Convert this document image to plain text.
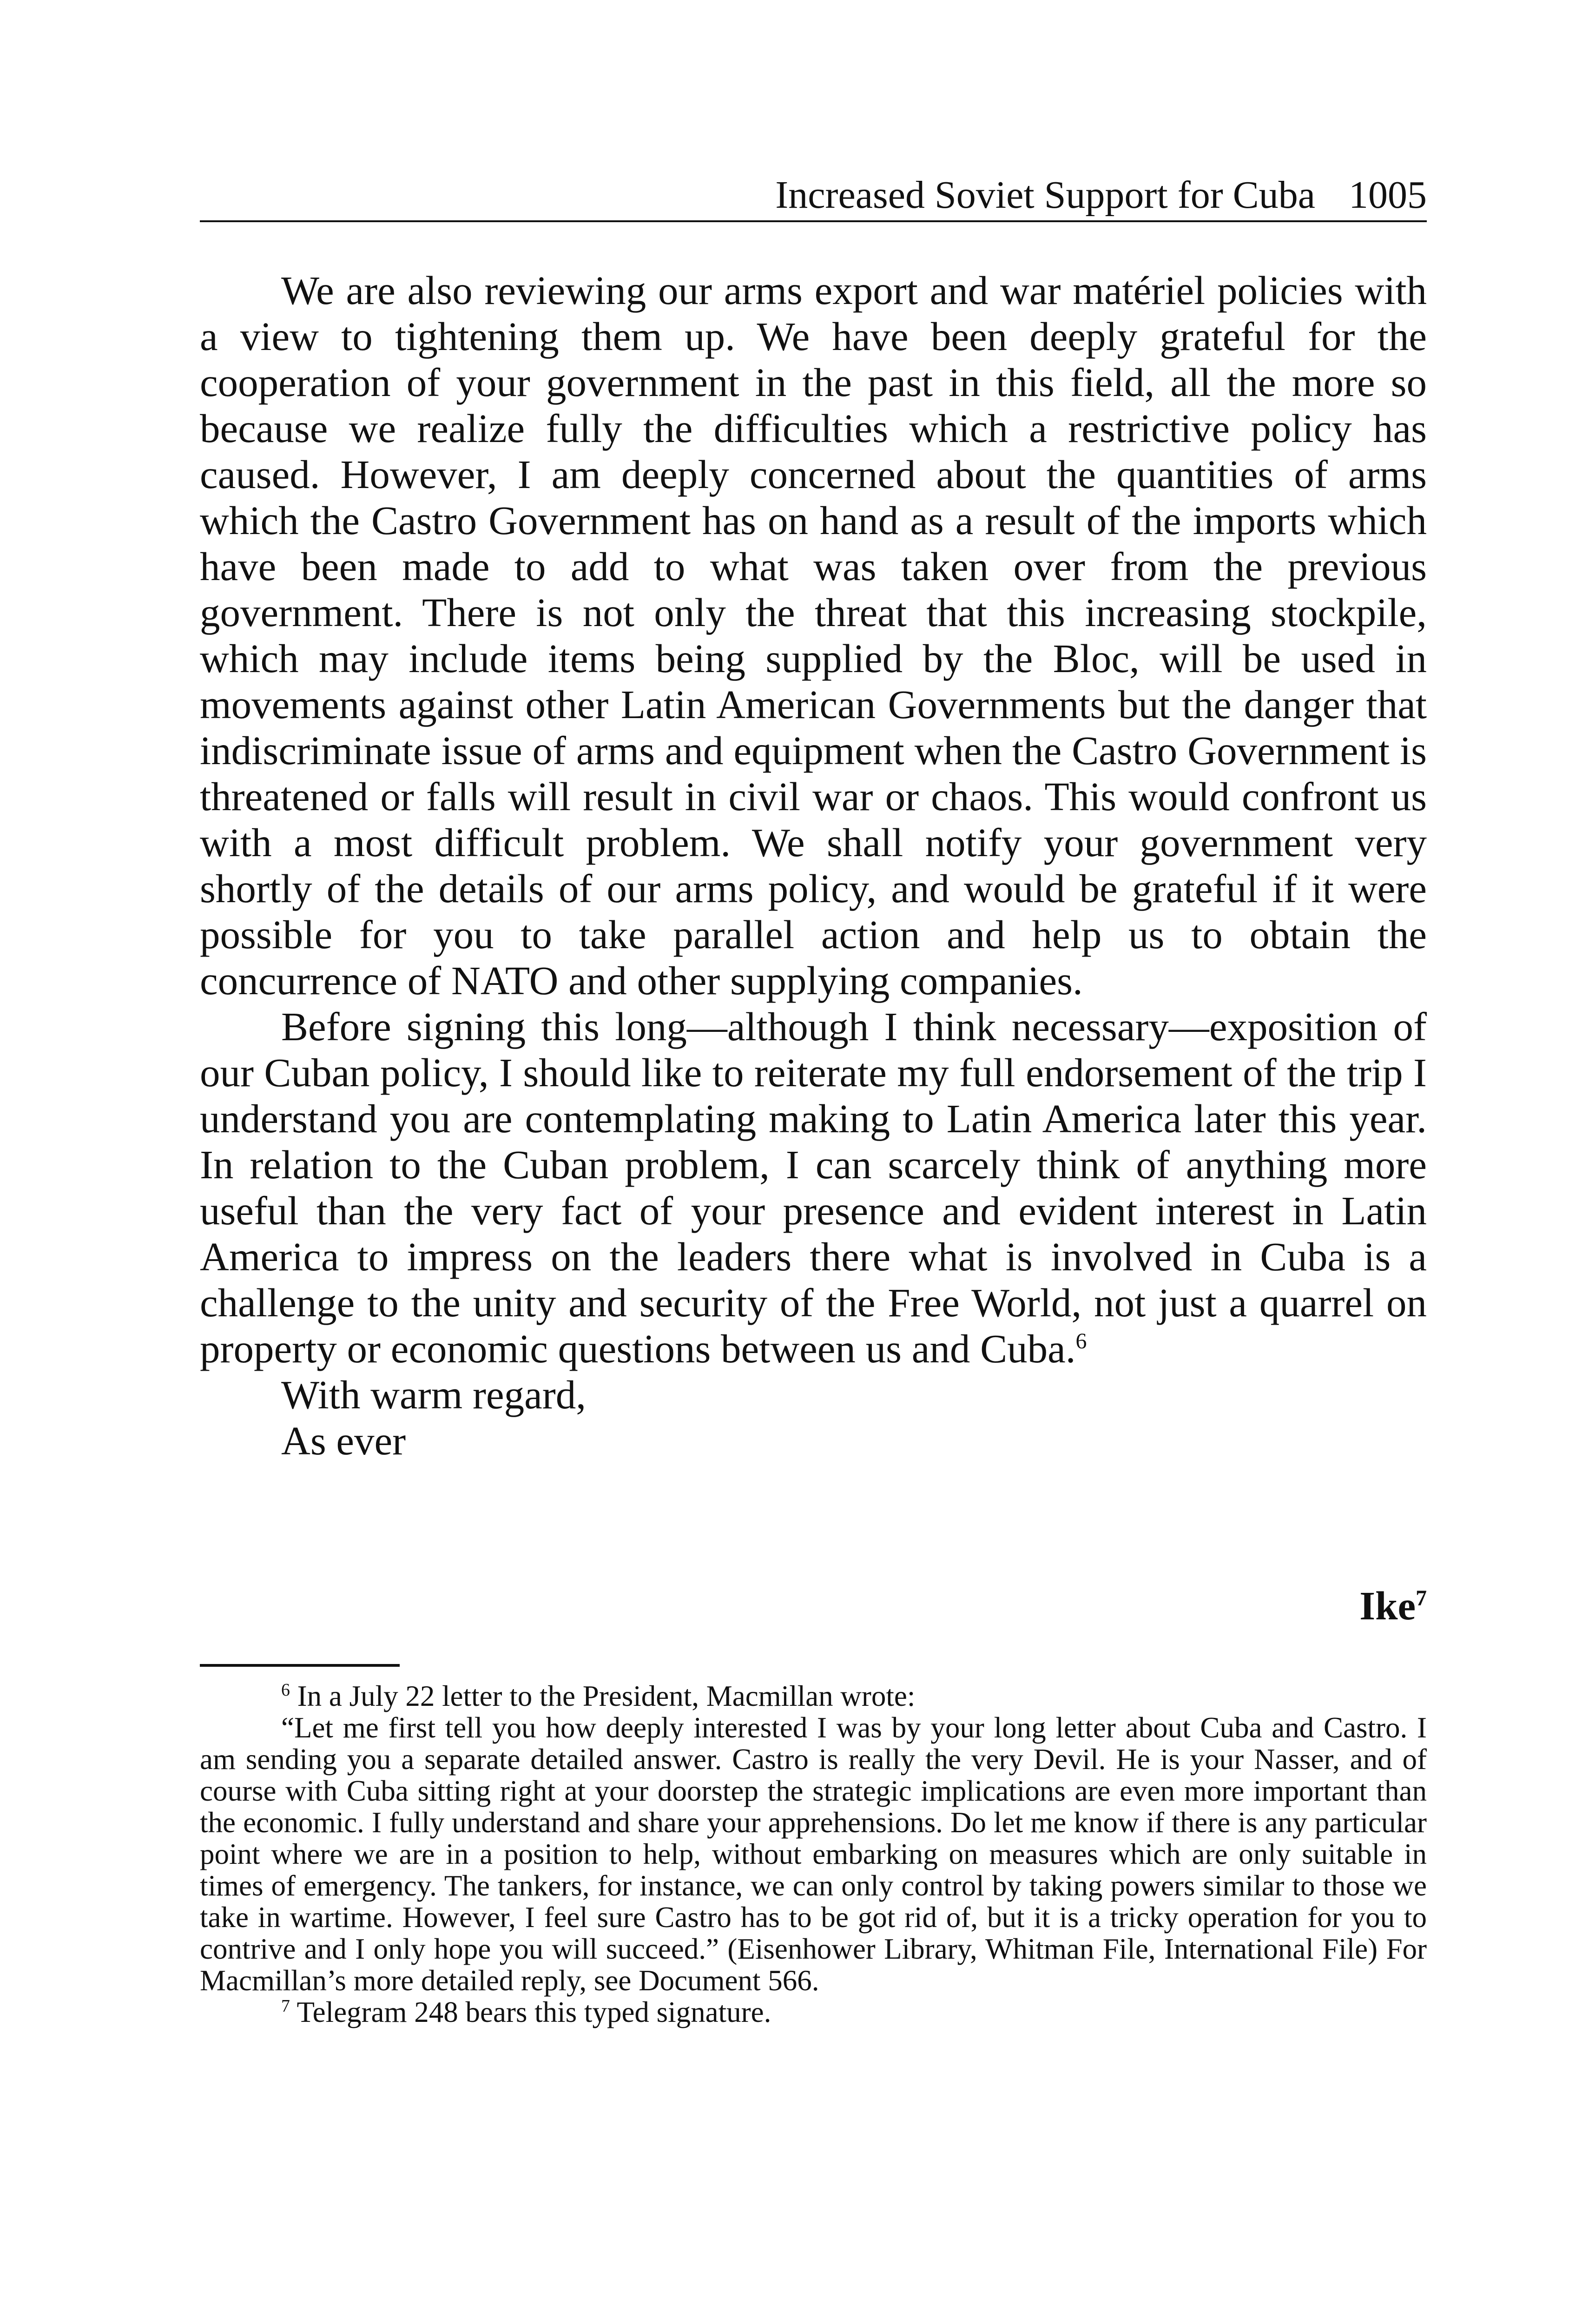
Increased Soviet Support for Cuba 1005

We are also reviewing our arms export and war matériel policies with a view to tightening them up. We have been deeply grateful for the cooperation of your government in the past in this field, all the more so because we realize fully the difficulties which a restrictive policy has caused. However, I am deeply concerned about the quantities of arms which the Castro Government has on hand as a result of the imports which have been made to add to what was taken over from the previous government. There is not only the threat that this increasing stockpile, which may include items being supplied by the Bloc, will be used in movements against other Latin American Governments but the danger that indiscriminate issue of arms and equipment when the Castro Government is threatened or falls will result in civil war or chaos. This would confront us with a most difficult problem. We shall notify your government very shortly of the details of our arms policy, and would be grateful if it were possible for you to take parallel action and help us to obtain the concurrence of NATO and other supplying companies.

Before signing this long—although I think necessary—exposition of our Cuban policy, I should like to reiterate my full endorsement of the trip I understand you are contemplating making to Latin America later this year. In relation to the Cuban problem, I can scarcely think of anything more useful than the very fact of your presence and evident interest in Latin America to impress on the leaders there what is involved in Cuba is a challenge to the unity and security of the Free World, not just a quarrel on property or economic questions between us and Cuba.$^6$

With warm regard,

As ever

Ike$^7$

$^6$ In a July 22 letter to the President, Macmillan wrote:

“Let me first tell you how deeply interested I was by your long letter about Cuba and Castro. I am sending you a separate detailed answer. Castro is really the very Devil. He is your Nasser, and of course with Cuba sitting right at your doorstep the strategic implications are even more important than the economic. I fully understand and share your apprehensions. Do let me know if there is any particular point where we are in a position to help, without embarking on measures which are only suitable in times of emergency. The tankers, for instance, we can only control by taking powers similar to those we take in wartime. However, I feel sure Castro has to be got rid of, but it is a tricky operation for you to contrive and I only hope you will succeed.” (Eisenhower Library, Whitman File, International File) For Macmillan’s more detailed reply, see Document 566.

$^7$ Telegram 248 bears this typed signature.
